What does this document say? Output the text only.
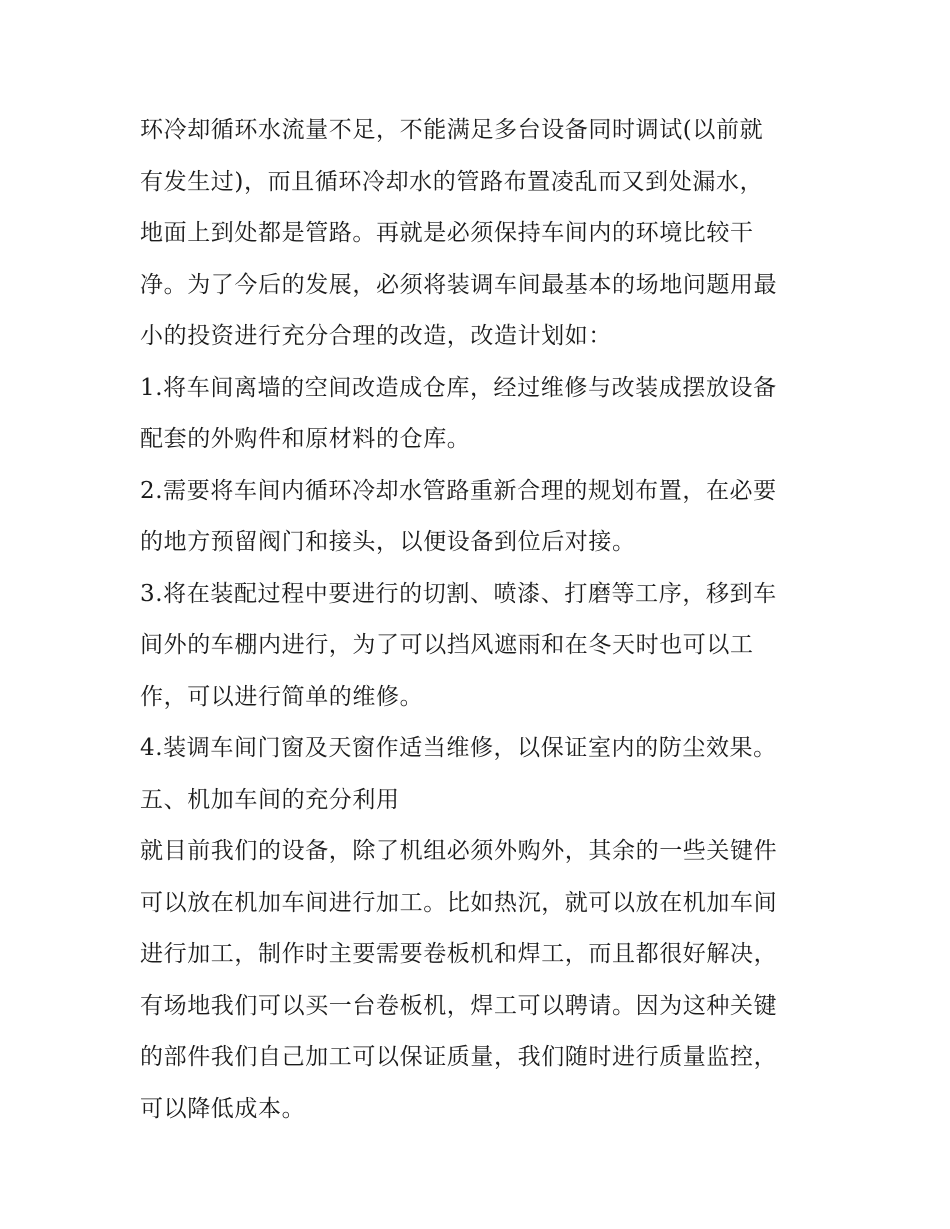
环冷却循环水流量不足，不能满足多台设备同时调试(以前就
有发生过)，而且循环冷却水的管路布置凌乱而又到处漏水，
地面上到处都是管路。再就是必须保持车间内的环境比较干
净。为了今后的发展，必须将装调车间最基本的场地问题用最
小的投资进行充分合理的改造，改造计划如：
1.将车间离墙的空间改造成仓库，经过维修与改装成摆放设备
配套的外购件和原材料的仓库。
2.需要将车间内循环冷却水管路重新合理的规划布置，在必要
的地方预留阀门和接头，以便设备到位后对接。
3.将在装配过程中要进行的切割、喷漆、打磨等工序，移到车
间外的车棚内进行，为了可以挡风遮雨和在冬天时也可以工
作，可以进行简单的维修。
4.装调车间门窗及天窗作适当维修，以保证室内的防尘效果。
五、机加车间的充分利用
就目前我们的设备，除了机组必须外购外，其余的一些关键件
可以放在机加车间进行加工。比如热沉，就可以放在机加车间
进行加工，制作时主要需要卷板机和焊工，而且都很好解决，
有场地我们可以买一台卷板机，焊工可以聘请。因为这种关键
的部件我们自己加工可以保证质量，我们随时进行质量监控，
可以降低成本。
